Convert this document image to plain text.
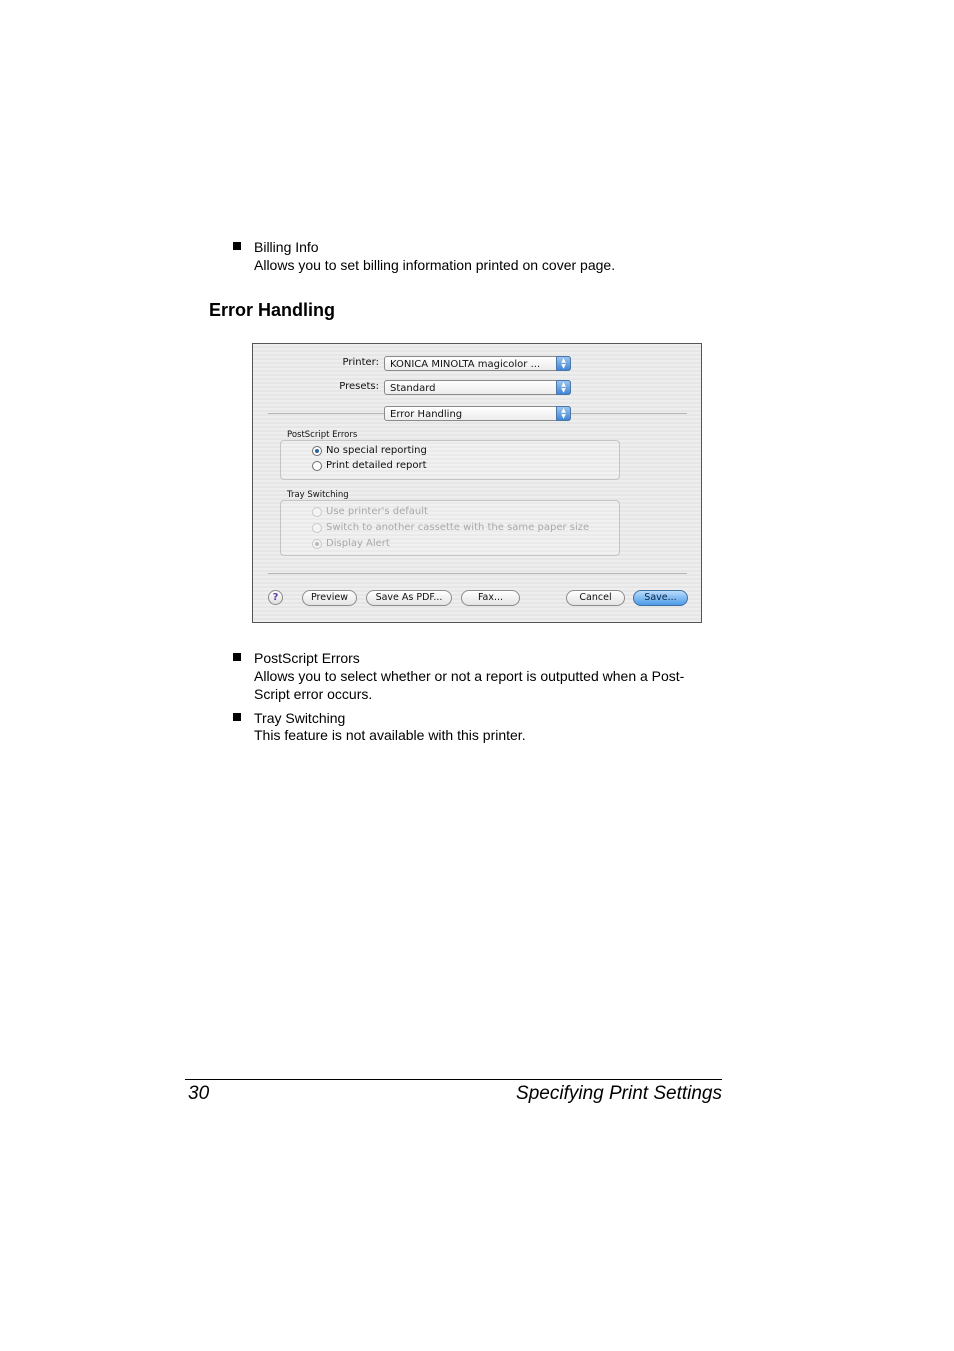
Billing Info
Allows you to set billing information printed on cover page.
Error Handling
Printer:	KONICA MINOLTA magicolor ...	▲
▼
Presets:	Standard	▲
▼
Error Handling	▲
▼
PostScript Errors
No special reporting
Print detailed report
Tray Switching
Use printer's default
Switch to another cassette with the same paper size
Display Alert
?	Preview	Save As PDF...	Fax...	Cancel	Save...
PostScript Errors
Allows you to select whether or not a report is outputted when a Post-
Script error occurs.
Tray Switching
This feature is not available with this printer.
30	Specifying Print Settings
